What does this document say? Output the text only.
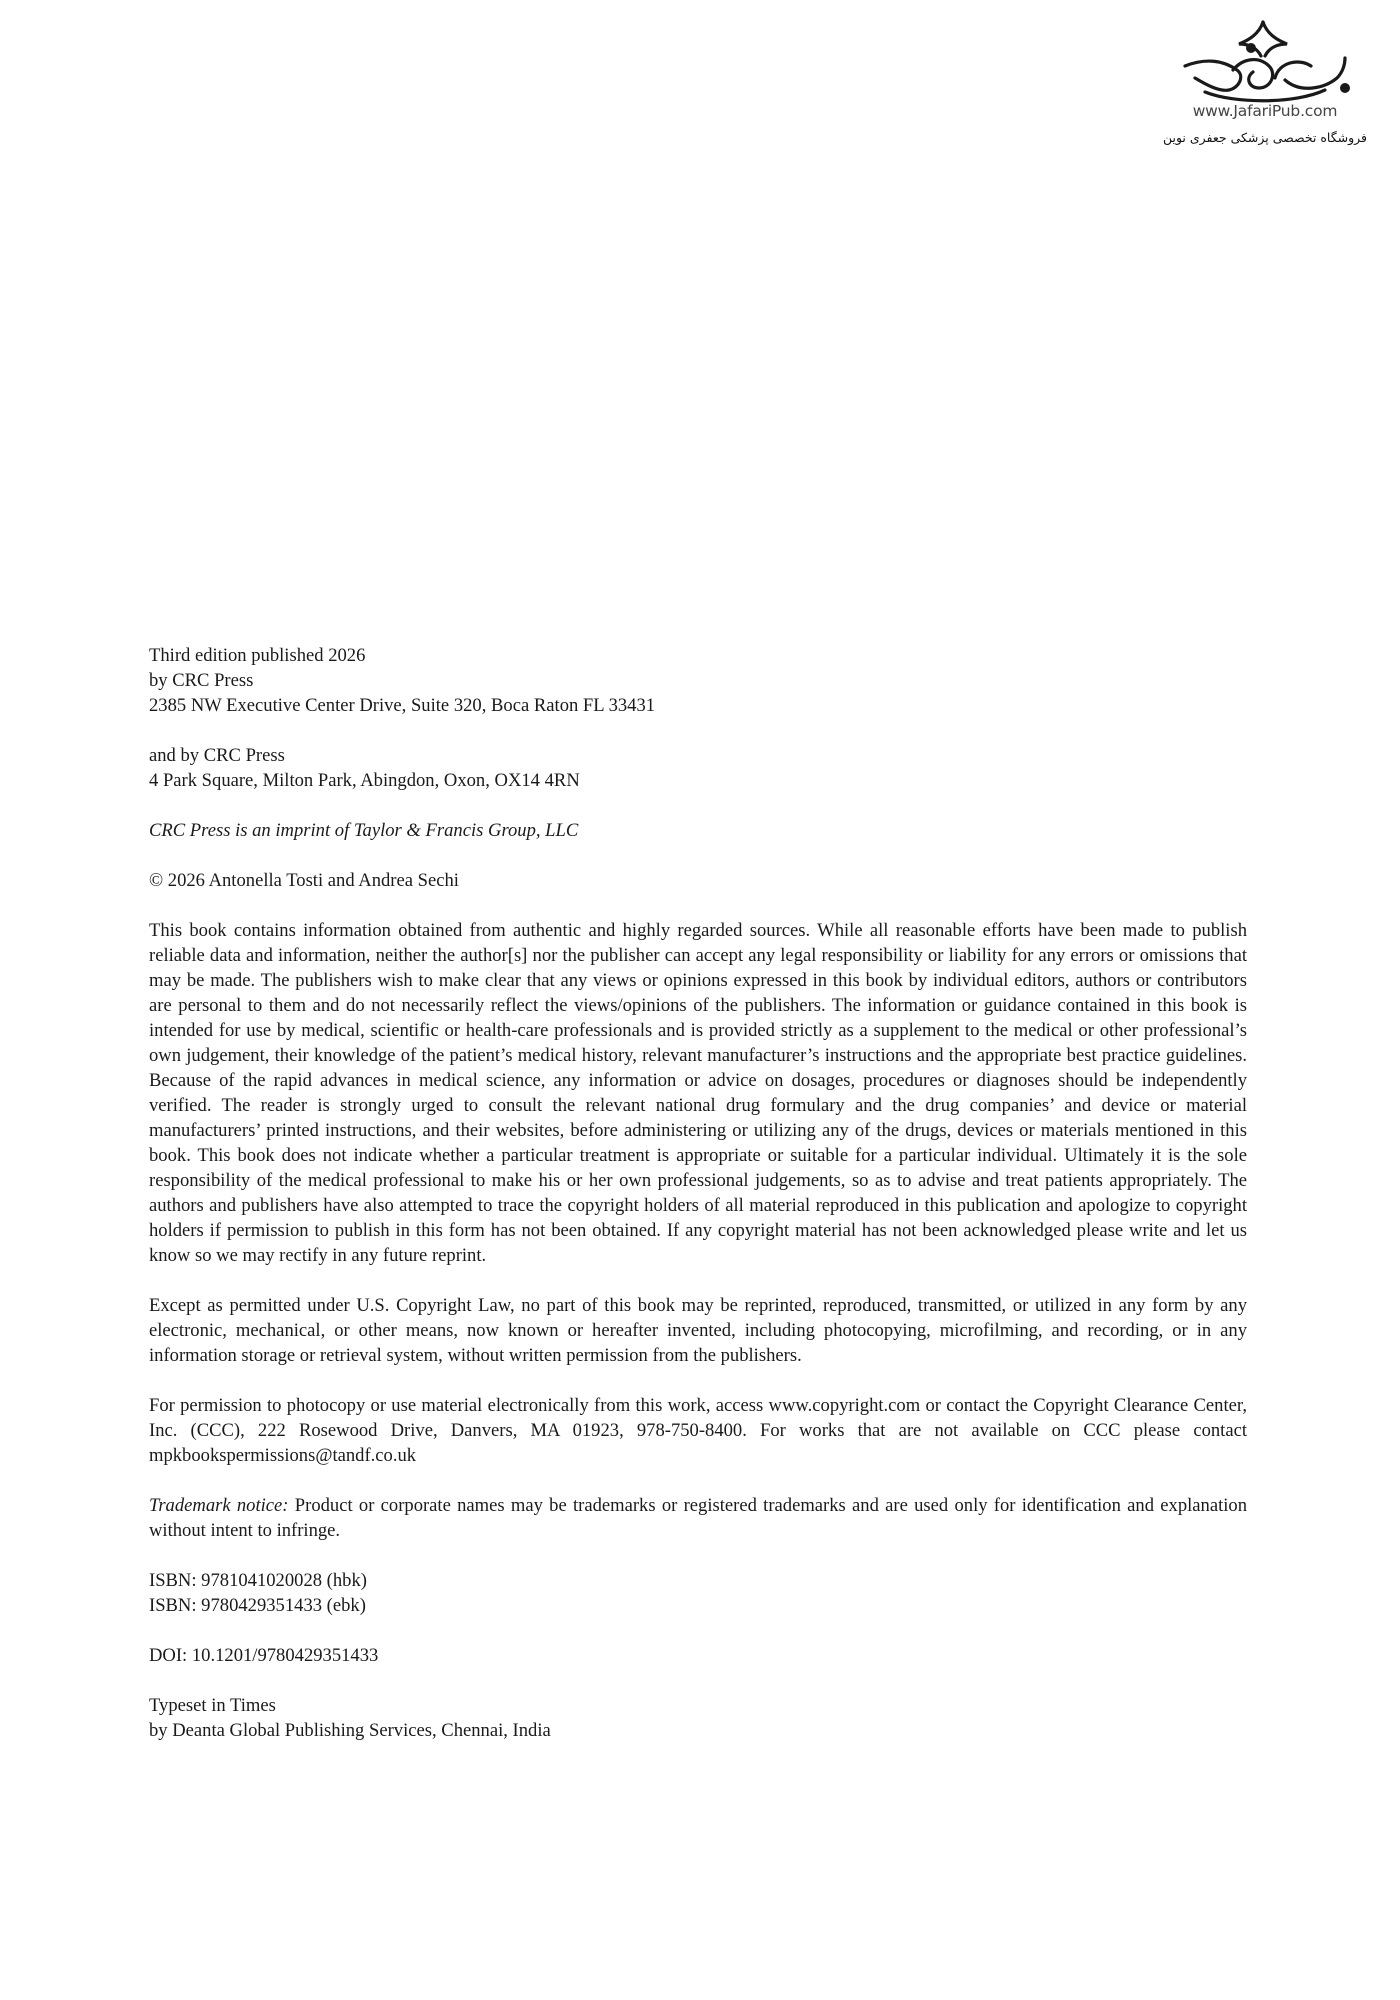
www.JafariPub.com
فروشگاه تخصصی پزشکی جعفری نوین
Third edition published 2026
by CRC Press
2385 NW Executive Center Drive, Suite 320, Boca Raton FL 33431
and by CRC Press
4 Park Square, Milton Park, Abingdon, Oxon, OX14 4RN
CRC Press is an imprint of Taylor & Francis Group, LLC
© 2026 Antonella Tosti and Andrea Sechi
This book contains information obtained from authentic and highly regarded sources. While all reasonable efforts have been made to publish reliable data and information, neither the author[s] nor the publisher can accept any legal responsibility or liability for any errors or omissions that may be made. The publishers wish to make clear that any views or opinions expressed in this book by individual editors, authors or contributors are personal to them and do not necessarily reflect the views/opinions of the publishers. The information or guidance contained in this book is intended for use by medical, scientific or health-care professionals and is provided strictly as a supplement to the medical or other professional’s own judgement, their knowledge of the patient’s medical history, relevant manufacturer’s instructions and the appropriate best practice guidelines. Because of the rapid advances in medical science, any information or advice on dosages, procedures or diagnoses should be independently verified. The reader is strongly urged to consult the relevant national drug formulary and the drug companies’ and device or material manufacturers’ printed instructions, and their websites, before administering or utilizing any of the drugs, devices or materials mentioned in this book. This book does not indicate whether a particular treatment is appropriate or suitable for a particular individual. Ultimately it is the sole responsibility of the medical professional to make his or her own professional judgements, so as to advise and treat patients appropriately. The authors and publishers have also attempted to trace the copyright holders of all material reproduced in this publication and apologize to copyright holders if permission to publish in this form has not been obtained. If any copyright material has not been acknowledged please write and let us know so we may rectify in any future reprint.
Except as permitted under U.S. Copyright Law, no part of this book may be reprinted, reproduced, transmitted, or utilized in any form by any electronic, mechanical, or other means, now known or hereafter invented, including photocopying, microfilming, and recording, or in any information storage or retrieval system, without written permission from the publishers.
For permission to photocopy or use material electronically from this work, access www.copyright.com or contact the Copyright Clearance Center, Inc. (CCC), 222 Rosewood Drive, Danvers, MA 01923, 978-750-8400. For works that are not available on CCC please contact mpkbookspermissions@tandf.co.uk
Trademark notice: Product or corporate names may be trademarks or registered trademarks and are used only for identification and explanation without intent to infringe.
ISBN: 9781041020028 (hbk)
ISBN: 9780429351433 (ebk)
DOI: 10.1201/9780429351433
Typeset in Times
by Deanta Global Publishing Services, Chennai, India
